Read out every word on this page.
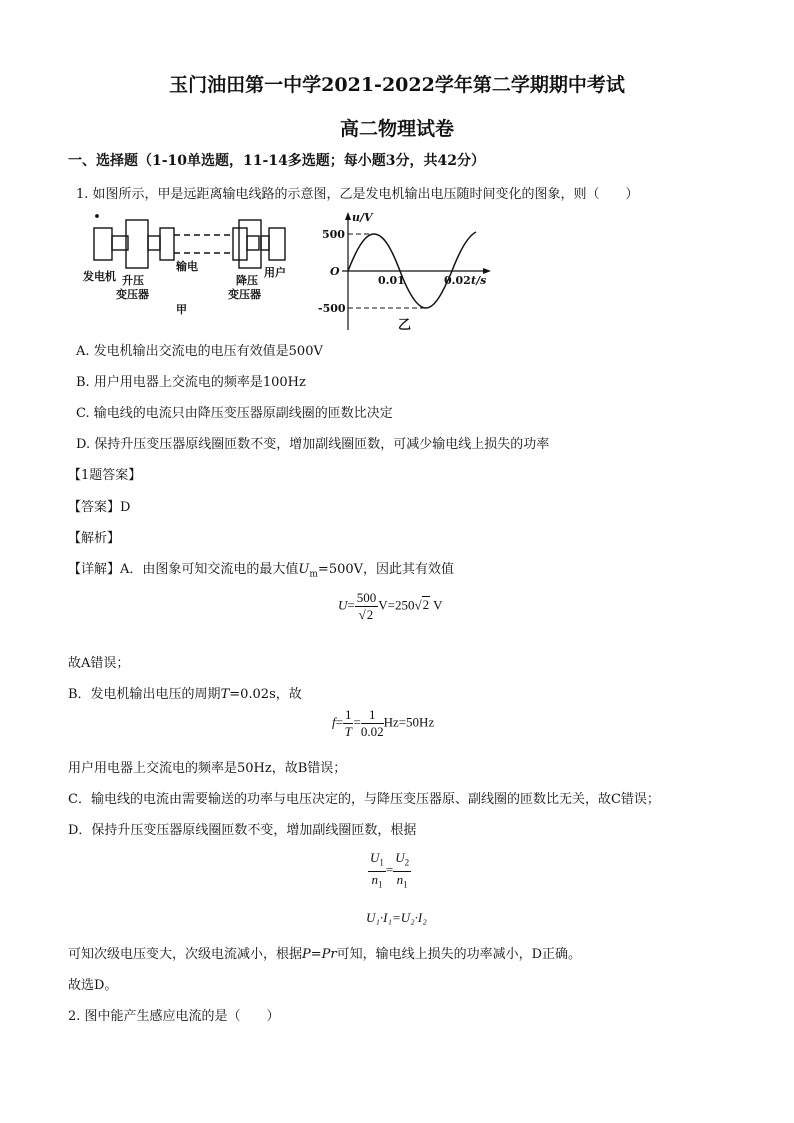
玉门油田第一中学2021-2022学年第二学期期中考试
高二物理试卷
一、选择题（1-10单选题，11-14多选题；每小题3分，共42分）
1. 如图所示，甲是远距离输电线路的示意图，乙是发电机输出电压随时间变化的图象，则（　　）
发电机 升压
变压器
输电
降压
变压器
用户
甲
u/V
500
O
-500
0.01	0.02 t/s
乙
A. 发电机输出交流电的电压有效值是500V
B. 用户用电器上交流电的频率是100Hz
C. 输电线的电流只由降压变压器原副线圈的匝数比决定
D. 保持升压变压器原线圈匝数不变，增加副线圈匝数，可减少输电线上损失的功率
【1题答案】
【答案】D
【解析】
【详解】A．由图象可知交流电的最大值$U_m=500V$，因此其有效值
$U= \frac{500}{√2} V=250√2$ V
故A错误；
B．发电机输出电压的周期T=0.02s，故
$f= \frac{1}{T} = \frac{1}{0.02} Hz=50Hz$
用户用电器上交流电的频率是50Hz，故B错误；
C．输电线的电流由需要输送的功率与电压决定的，与降压变压器原、副线圈的匝数比无关，故C错误；
D．保持升压变压器原线圈匝数不变，增加副线圈匝数，根据
$\frac{U_1}{n_1} = \frac{U_2}{n_1}$
U₁·I₁=U₂·I₂
可知次级电压变大，次级电流减小，根据P=Pr可知，输电线上损失的功率减小，D正确。
故选D。
2. 图中能产生感应电流的是（　　）
